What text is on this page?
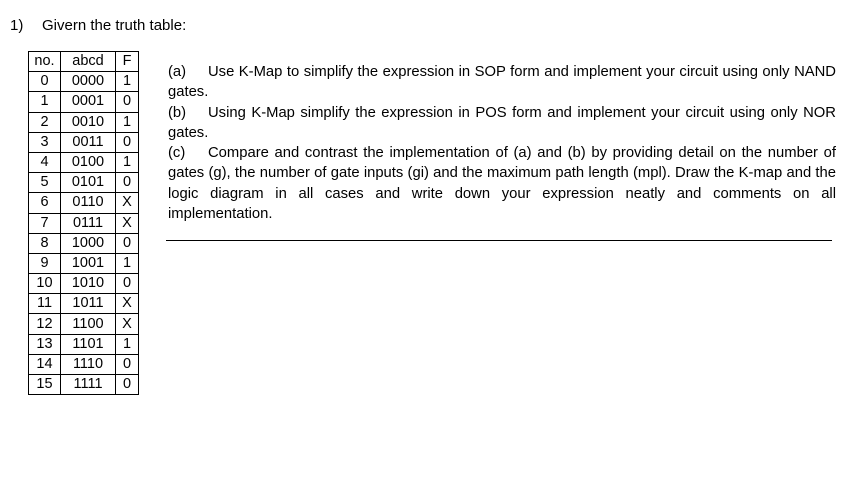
1) Givern the truth table:
no.	abcd	F
0	0000	1
1	0001	0
2	0010	1
3	0011	0
4	0100	1
5	0101	0
6	0110	X
7	0111	X
8	1000	0
9	1001	1
10	1010	0
11	1011	X
12	1100	X
13	1101	1
14	1110	0
15	1111	0

(a) Use K-Map to simplify the expression in SOP form and implement your circuit using only NAND gates.

(b) Using K-Map simplify the expression in POS form and implement your circuit using only NOR gates.

(c) Compare and contrast the implementation of (a) and (b) by providing detail on the number of gates (g), the number of gate inputs (gi) and the maximum path length (mpl). Draw the K-map and the logic diagram in all cases and write down your expression neatly and comments on all implementation.
